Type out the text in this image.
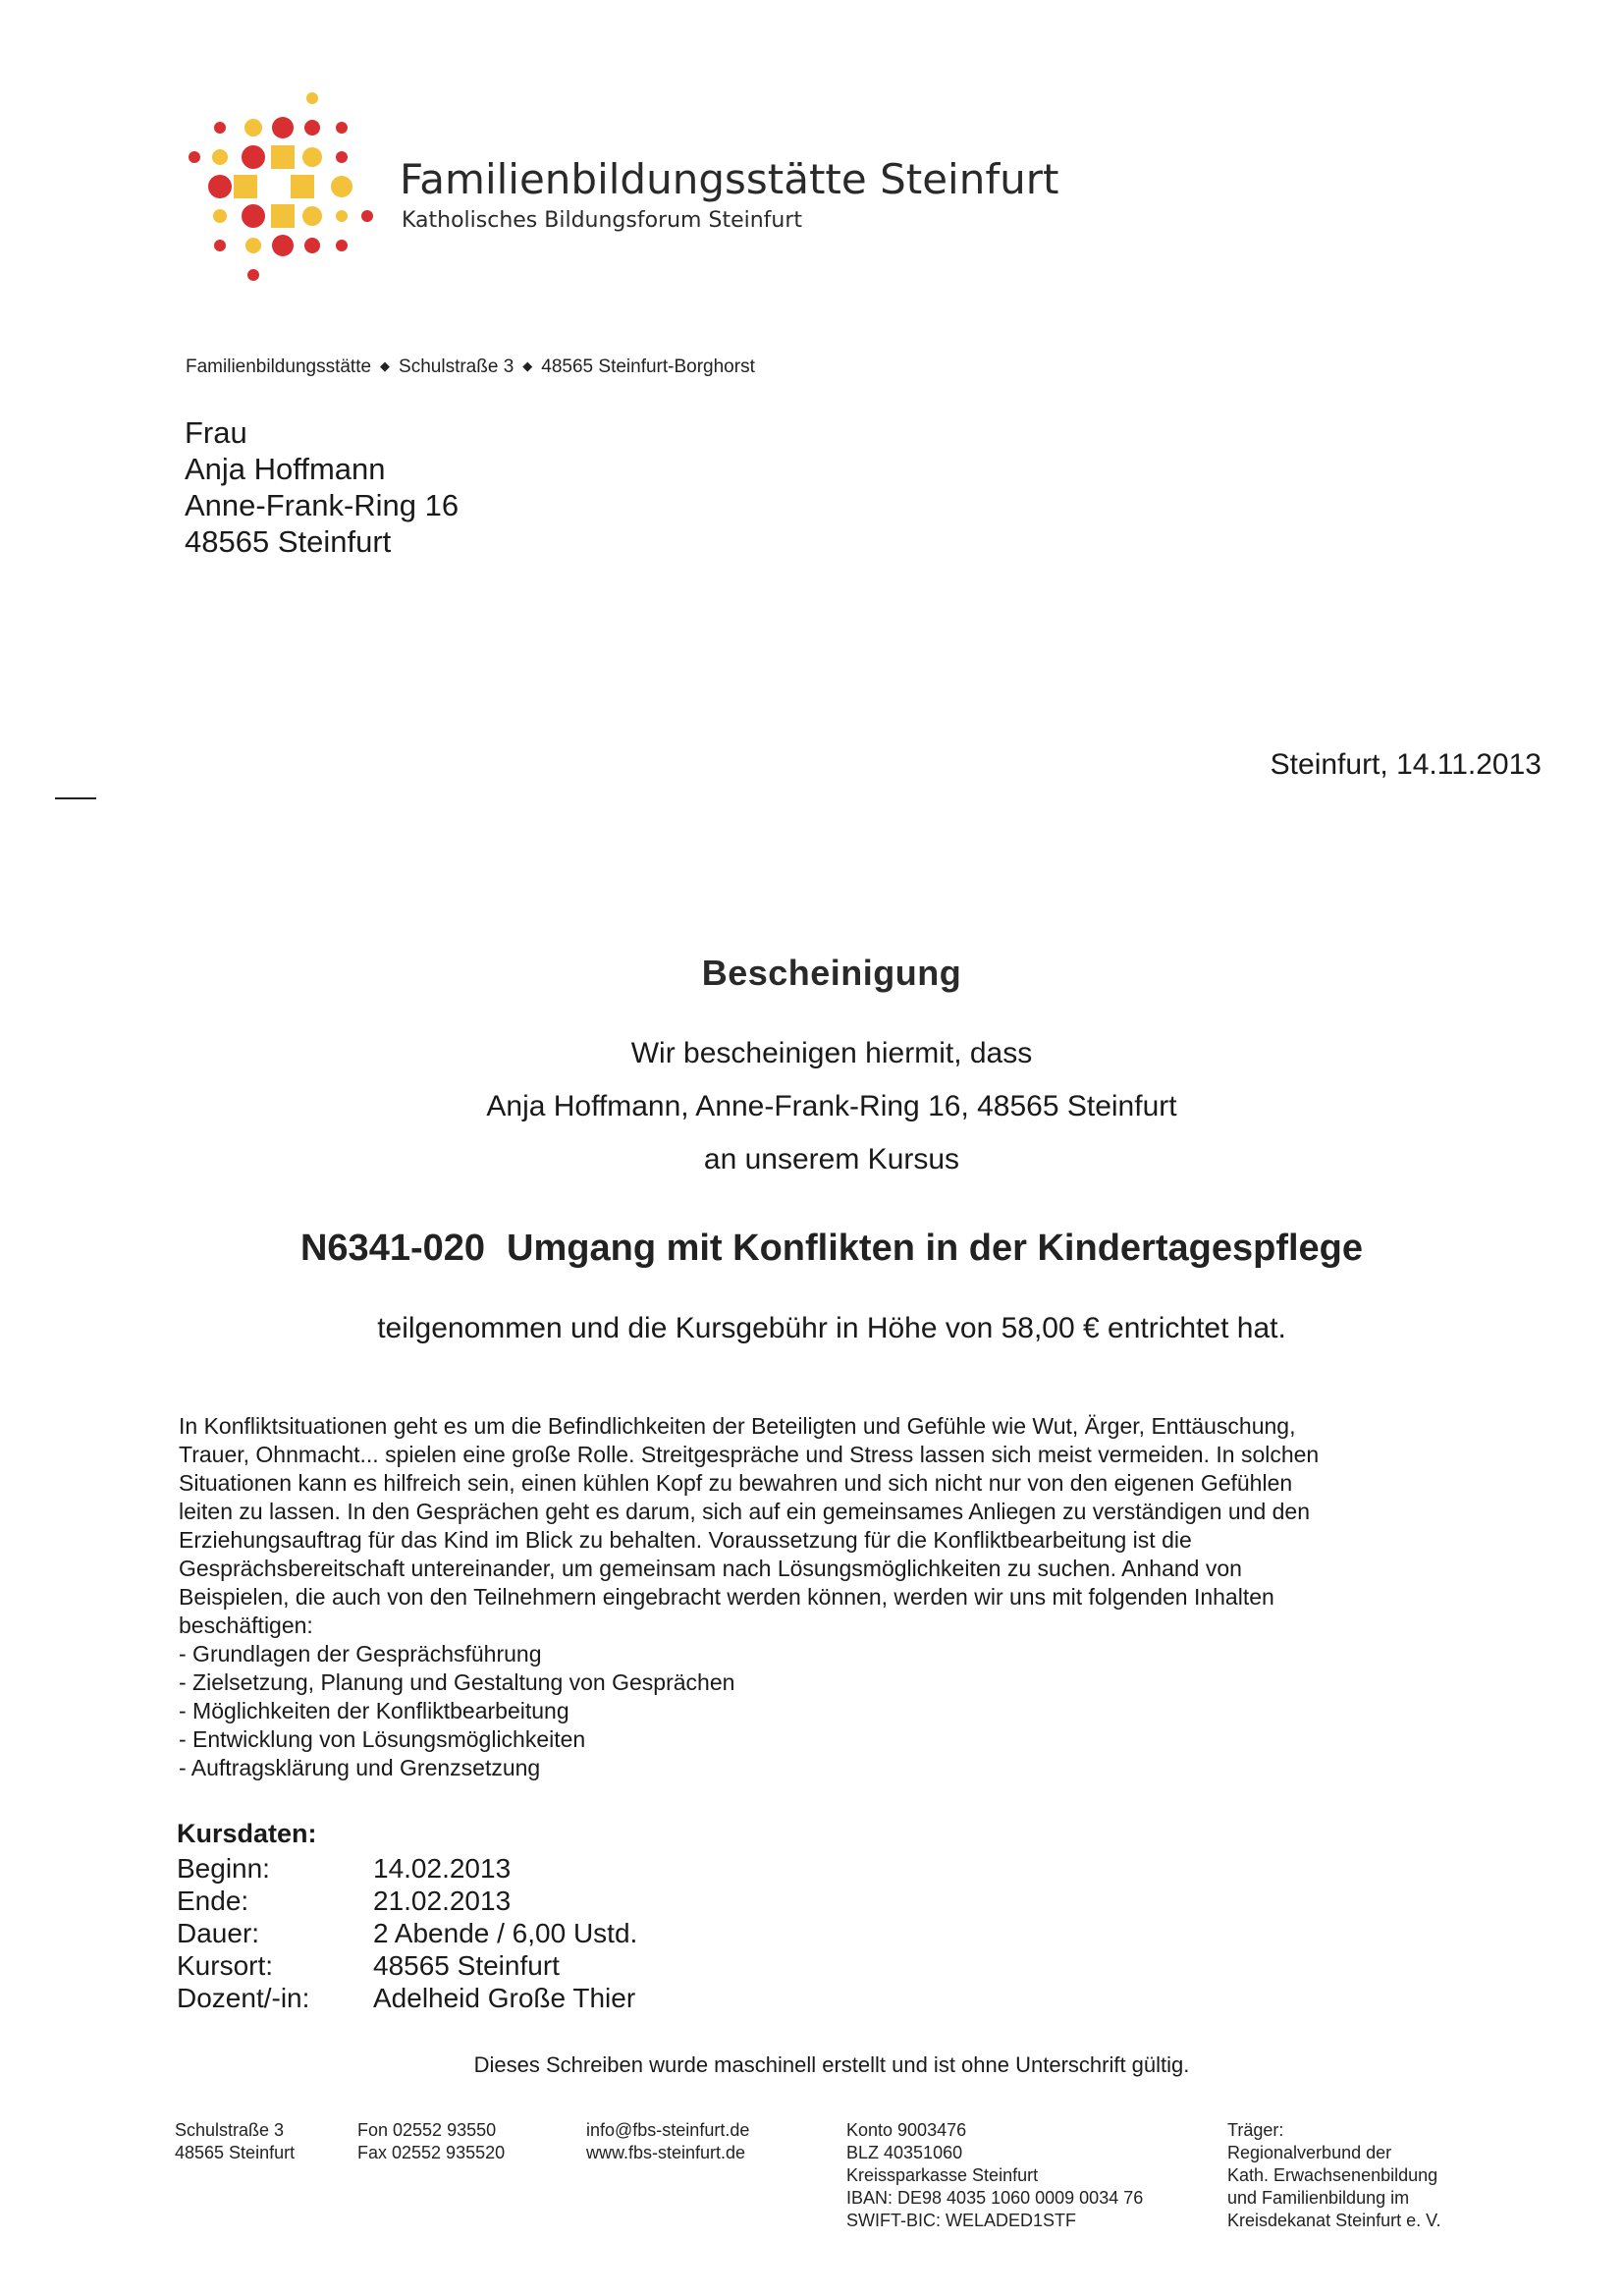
Familienbildungsstätte Steinfurt
Katholisches Bildungsforum Steinfurt
Familienbildungsstätte ◆ Schulstraße 3 ◆ 48565 Steinfurt-Borghorst
Frau
Anja Hoffmann
Anne-Frank-Ring 16
48565 Steinfurt
Steinfurt, 14.11.2013
Bescheinigung
Wir bescheinigen hiermit, dass
Anja Hoffmann, Anne-Frank-Ring 16, 48565 Steinfurt
an unserem Kursus
N6341-020 Umgang mit Konflikten in der Kindertagespflege
teilgenommen und die Kursgebühr in Höhe von 58,00 € entrichtet hat.

In Konfliktsituationen geht es um die Befindlichkeiten der Beteiligten und Gefühle wie Wut, Ärger, Enttäuschung,

Trauer, Ohnmacht... spielen eine große Rolle. Streitgespräche und Stress lassen sich meist vermeiden. In solchen

Situationen kann es hilfreich sein, einen kühlen Kopf zu bewahren und sich nicht nur von den eigenen Gefühlen

leiten zu lassen. In den Gesprächen geht es darum, sich auf ein gemeinsames Anliegen zu verständigen und den

Erziehungsauftrag für das Kind im Blick zu behalten. Voraussetzung für die Konfliktbearbeitung ist die

Gesprächsbereitschaft untereinander, um gemeinsam nach Lösungsmöglichkeiten zu suchen. Anhand von

Beispielen, die auch von den Teilnehmern eingebracht werden können, werden wir uns mit folgenden Inhalten

beschäftigen:

- Grundlagen der Gesprächsführung
- Zielsetzung, Planung und Gestaltung von Gesprächen
- Möglichkeiten der Konfliktbearbeitung
- Entwicklung von Lösungsmöglichkeiten
- Auftragsklärung und Grenzsetzung
Kursdaten:
Beginn:	14.02.2013
Ende:	21.02.2013
Dauer:	2 Abende / 6,00 Ustd.
Kursort:	48565 Steinfurt
Dozent/-in:	Adelheid Große Thier
Dieses Schreiben wurde maschinell erstellt und ist ohne Unterschrift gültig.
Schulstraße 3
48565 Steinfurt
Fon 02552 93550
Fax 02552 935520
info@fbs-steinfurt.de
www.fbs-steinfurt.de
Konto 9003476
BLZ 40351060
Kreissparkasse Steinfurt
IBAN: DE98 4035 1060 0009 0034 76
SWIFT-BIC: WELADED1STF
Träger:
Regionalverbund der
Kath. Erwachsenenbildung
und Familienbildung im
Kreisdekanat Steinfurt e. V.
